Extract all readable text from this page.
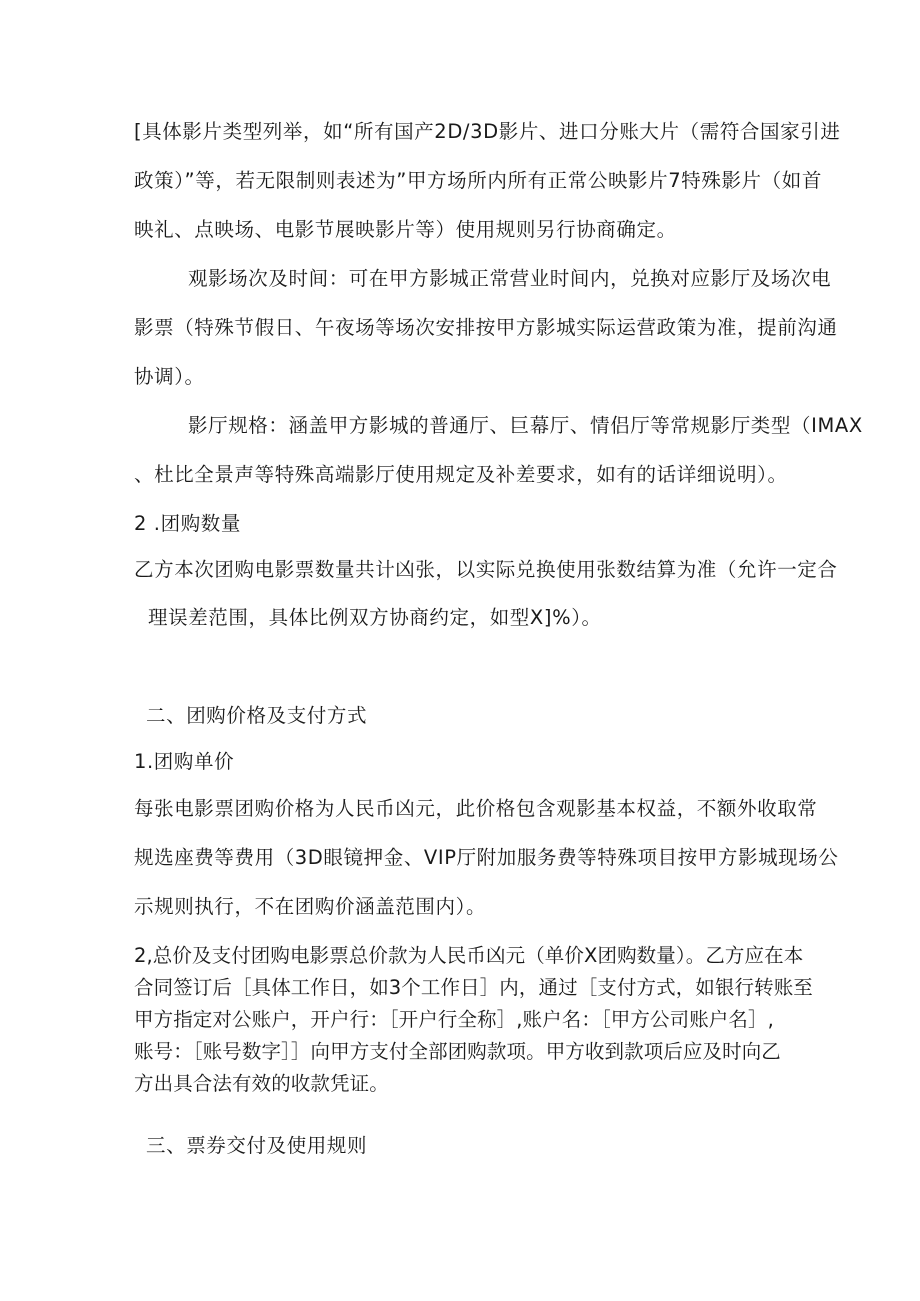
[具体影片类型列举，如“所有国产2D/3D影片、进口分账大片（需符合国家引进
政策）”等，若无限制则表述为”甲方场所内所有正常公映影片7特殊影片（如首
映礼、点映场、电影节展映影片等）使用规则另行协商确定。
观影场次及时间：可在甲方影城正常营业时间内，兑换对应影厅及场次电
影票（特殊节假日、午夜场等场次安排按甲方影城实际运营政策为准，提前沟通
协调）。
影厅规格：涵盖甲方影城的普通厅、巨幕厅、情侣厅等常规影厅类型（IMAX
、杜比全景声等特殊高端影厅使用规定及补差要求，如有的话详细说明）。
2 .团购数量
乙方本次团购电影票数量共计凶张，以实际兑换使用张数结算为准（允许一定合
理误差范围，具体比例双方协商约定，如型X]%）。
二、团购价格及支付方式
1.团购单价
每张电影票团购价格为人民币凶元，此价格包含观影基本权益，不额外收取常
规选座费等费用（3D眼镜押金、VIP厅附加服务费等特殊项目按甲方影城现场公
示规则执行，不在团购价涵盖范围内）。
2,总价及支付团购电影票总价款为人民币凶元（单价X团购数量）。乙方应在本
合同签订后［具体工作日，如3个工作日］内，通过［支付方式，如银行转账至
甲方指定对公账户，开户行：［开户行全称］,账户名：［甲方公司账户名］,
账号：［账号数字］］向甲方支付全部团购款项。甲方收到款项后应及时向乙
方出具合法有效的收款凭证。
三、票券交付及使用规则
